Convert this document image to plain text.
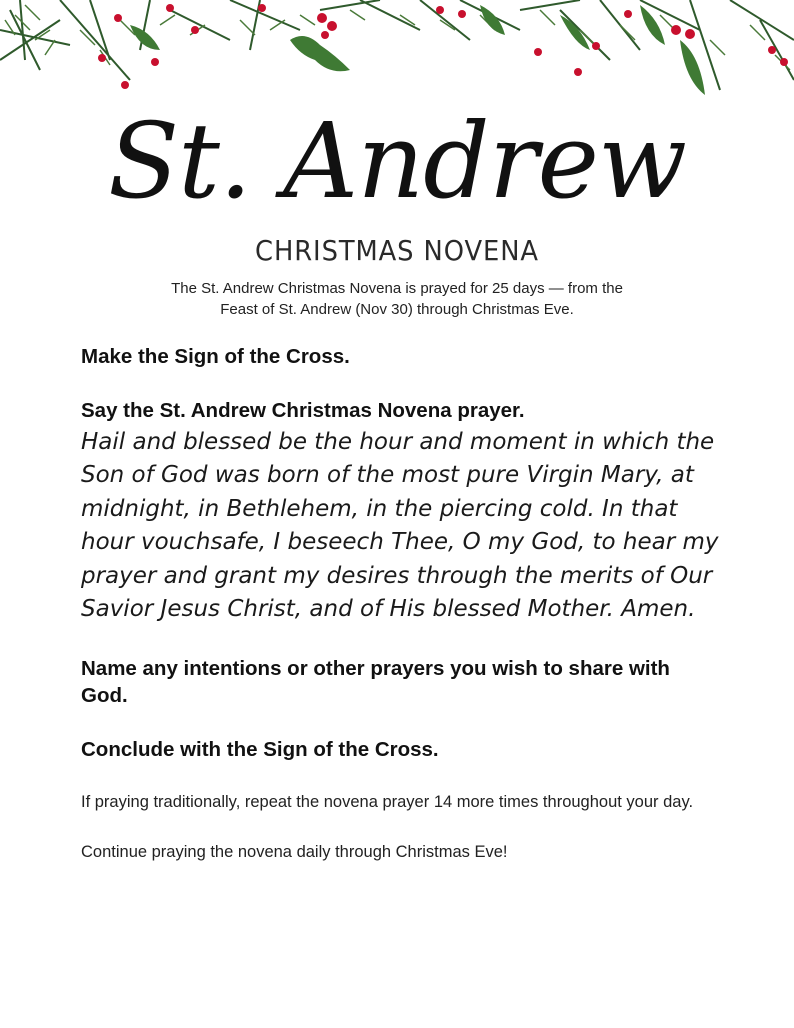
St. Andrew
CHRISTMAS NOVENA
The St. Andrew Christmas Novena is prayed for 25 days — from the
Feast of St. Andrew (Nov 30) through Christmas Eve.

Make the Sign of the Cross.

Say the St. Andrew Christmas Novena prayer.

Hail and blessed be the hour and moment in which the Son of God was born of the most pure Virgin Mary, at midnight, in Bethlehem, in the piercing cold. In that hour vouchsafe, I beseech Thee, O my God, to hear my prayer and grant my desires through the merits of Our Savior Jesus Christ, and of His blessed Mother. Amen.

Name any intentions or other prayers you wish to share with God.

Conclude with the Sign of the Cross.

If praying traditionally, repeat the novena prayer 14 more times throughout your day.

Continue praying the novena daily through Christmas Eve!
